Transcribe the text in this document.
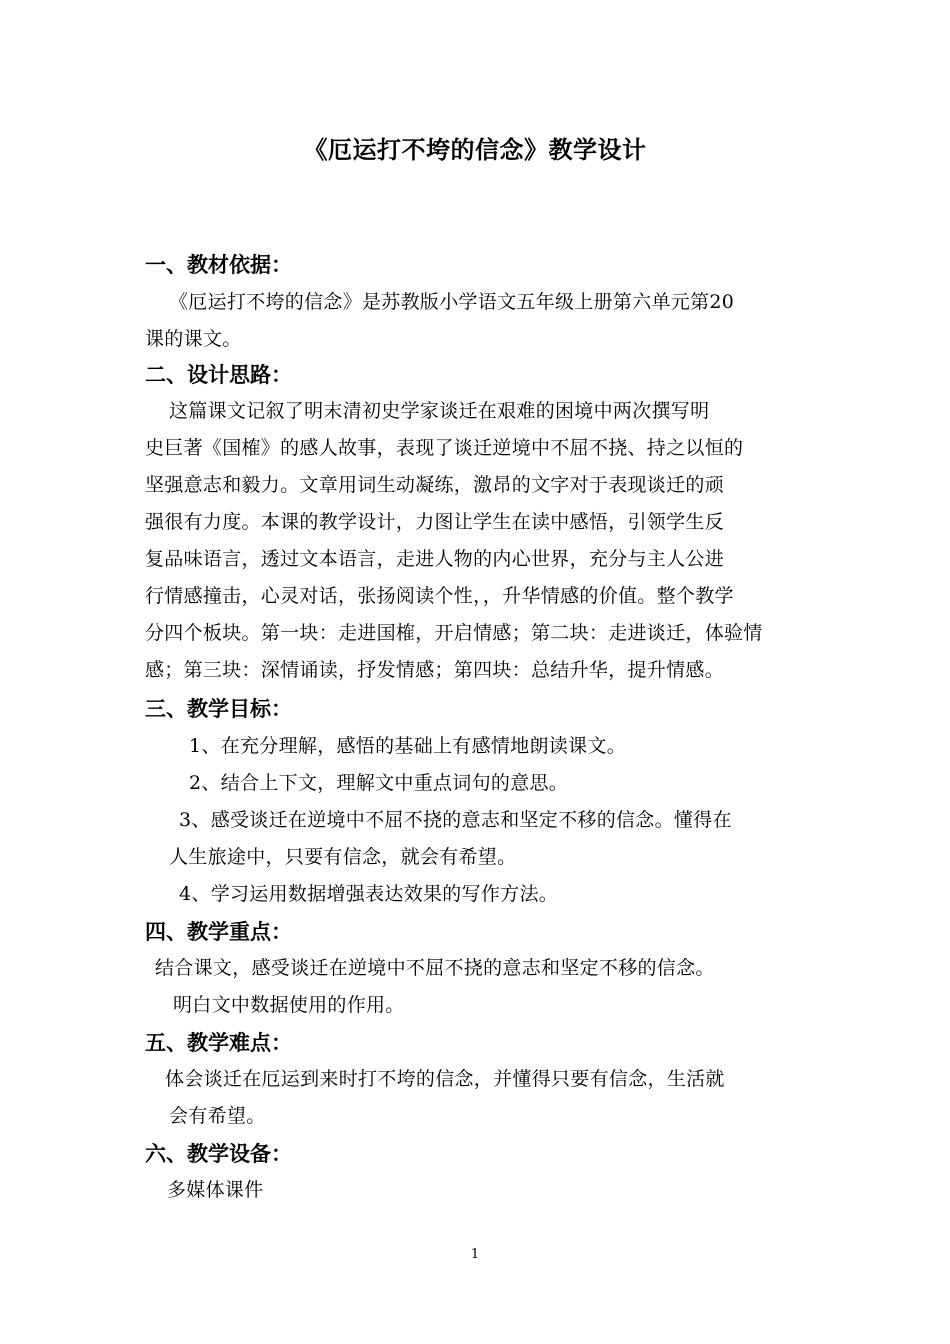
《厄运打不垮的信念》教学设计
一、教材依据：
《厄运打不垮的信念》是苏教版小学语文五年级上册第六单元第20
课的课文。
二、设计思路：
这篇课文记叙了明末清初史学家谈迁在艰难的困境中两次撰写明
史巨著《国榷》的感人故事，表现了谈迁逆境中不屈不挠、持之以恒的
坚强意志和毅力。文章用词生动凝练，激昂的文字对于表现谈迁的顽
强很有力度。本课的教学设计，力图让学生在读中感悟，引领学生反
复品味语言，透过文本语言，走进人物的内心世界，充分与主人公进
行情感撞击，心灵对话，张扬阅读个性，，升华情感的价值。整个教学
分四个板块。第一块：走进国榷，开启情感；第二块：走进谈迁，体验情
感；第三块：深情诵读，抒发情感；第四块：总结升华，提升情感。
三、教学目标：
1、在充分理解，感悟的基础上有感情地朗读课文。
2、结合上下文，理解文中重点词句的意思。
3、感受谈迁在逆境中不屈不挠的意志和坚定不移的信念。懂得在
人生旅途中，只要有信念，就会有希望。
4、学习运用数据增强表达效果的写作方法。
四、教学重点：
结合课文，感受谈迁在逆境中不屈不挠的意志和坚定不移的信念。
明白文中数据使用的作用。
五、教学难点：
体会谈迁在厄运到来时打不垮的信念，并懂得只要有信念，生活就
会有希望。
六、教学设备：
多媒体课件
1
